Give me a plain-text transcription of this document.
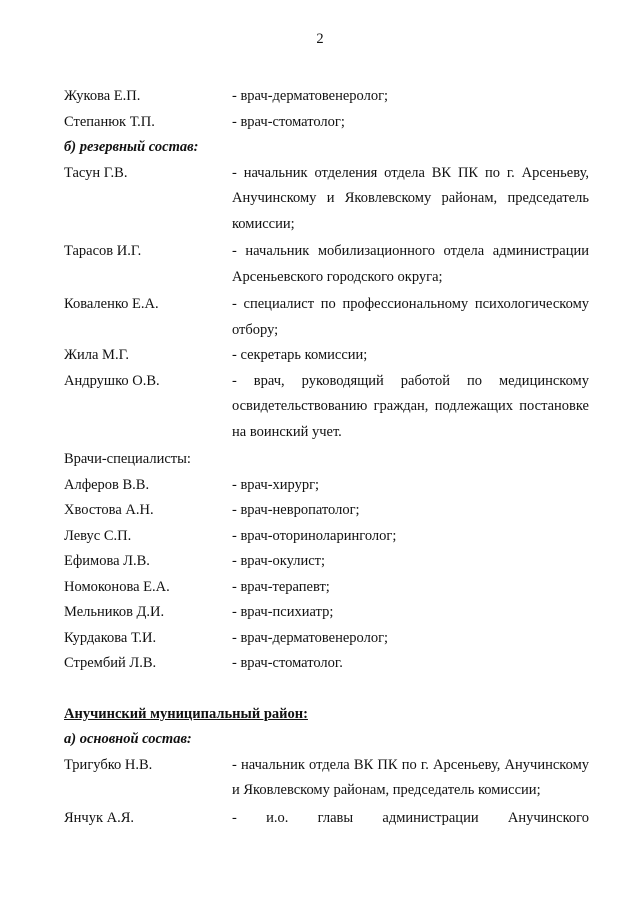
2
Жукова Е.П.	- врач-дерматовенеролог;
Степанюк Т.П.	- врач-стоматолог;
б) резервный состав:
Тасун Г.В.	- начальник отделения отдела ВК ПК по г. Арсеньеву, Анучинскому и Яковлевскому районам, председатель комиссии;
Тарасов И.Г.	- начальник мобилизационного отдела администрации Арсеньевского городского округа;
Коваленко Е.А.	- специалист по профессиональному психологическому отбору;
Жила М.Г.	- секретарь комиссии;
Андрушко О.В.	- врач, руководящий работой по медицинскому освидетельствованию граждан, подлежащих постановке на воинский учет.
Врачи-специалисты:
Алферов В.В.	- врач-хирург;
Хвостова А.Н.	- врач-невропатолог;
Левус С.П.	- врач-оториноларинголог;
Ефимова Л.В.	- врач-окулист;
Номоконова Е.А.	- врач-терапевт;
Мельников Д.И.	- врач-психиатр;
Курдакова Т.И.	- врач-дерматовенеролог;
Стрембий Л.В.	- врач-стоматолог.
Анучинский муниципальный район:
а) основной состав:
Тригубко Н.В.	- начальник отдела ВК ПК по г. Арсеньеву, Анучинскому и Яковлевскому районам, председатель комиссии;
Янчук А.Я.	- и.о. главы администрации Анучинского
